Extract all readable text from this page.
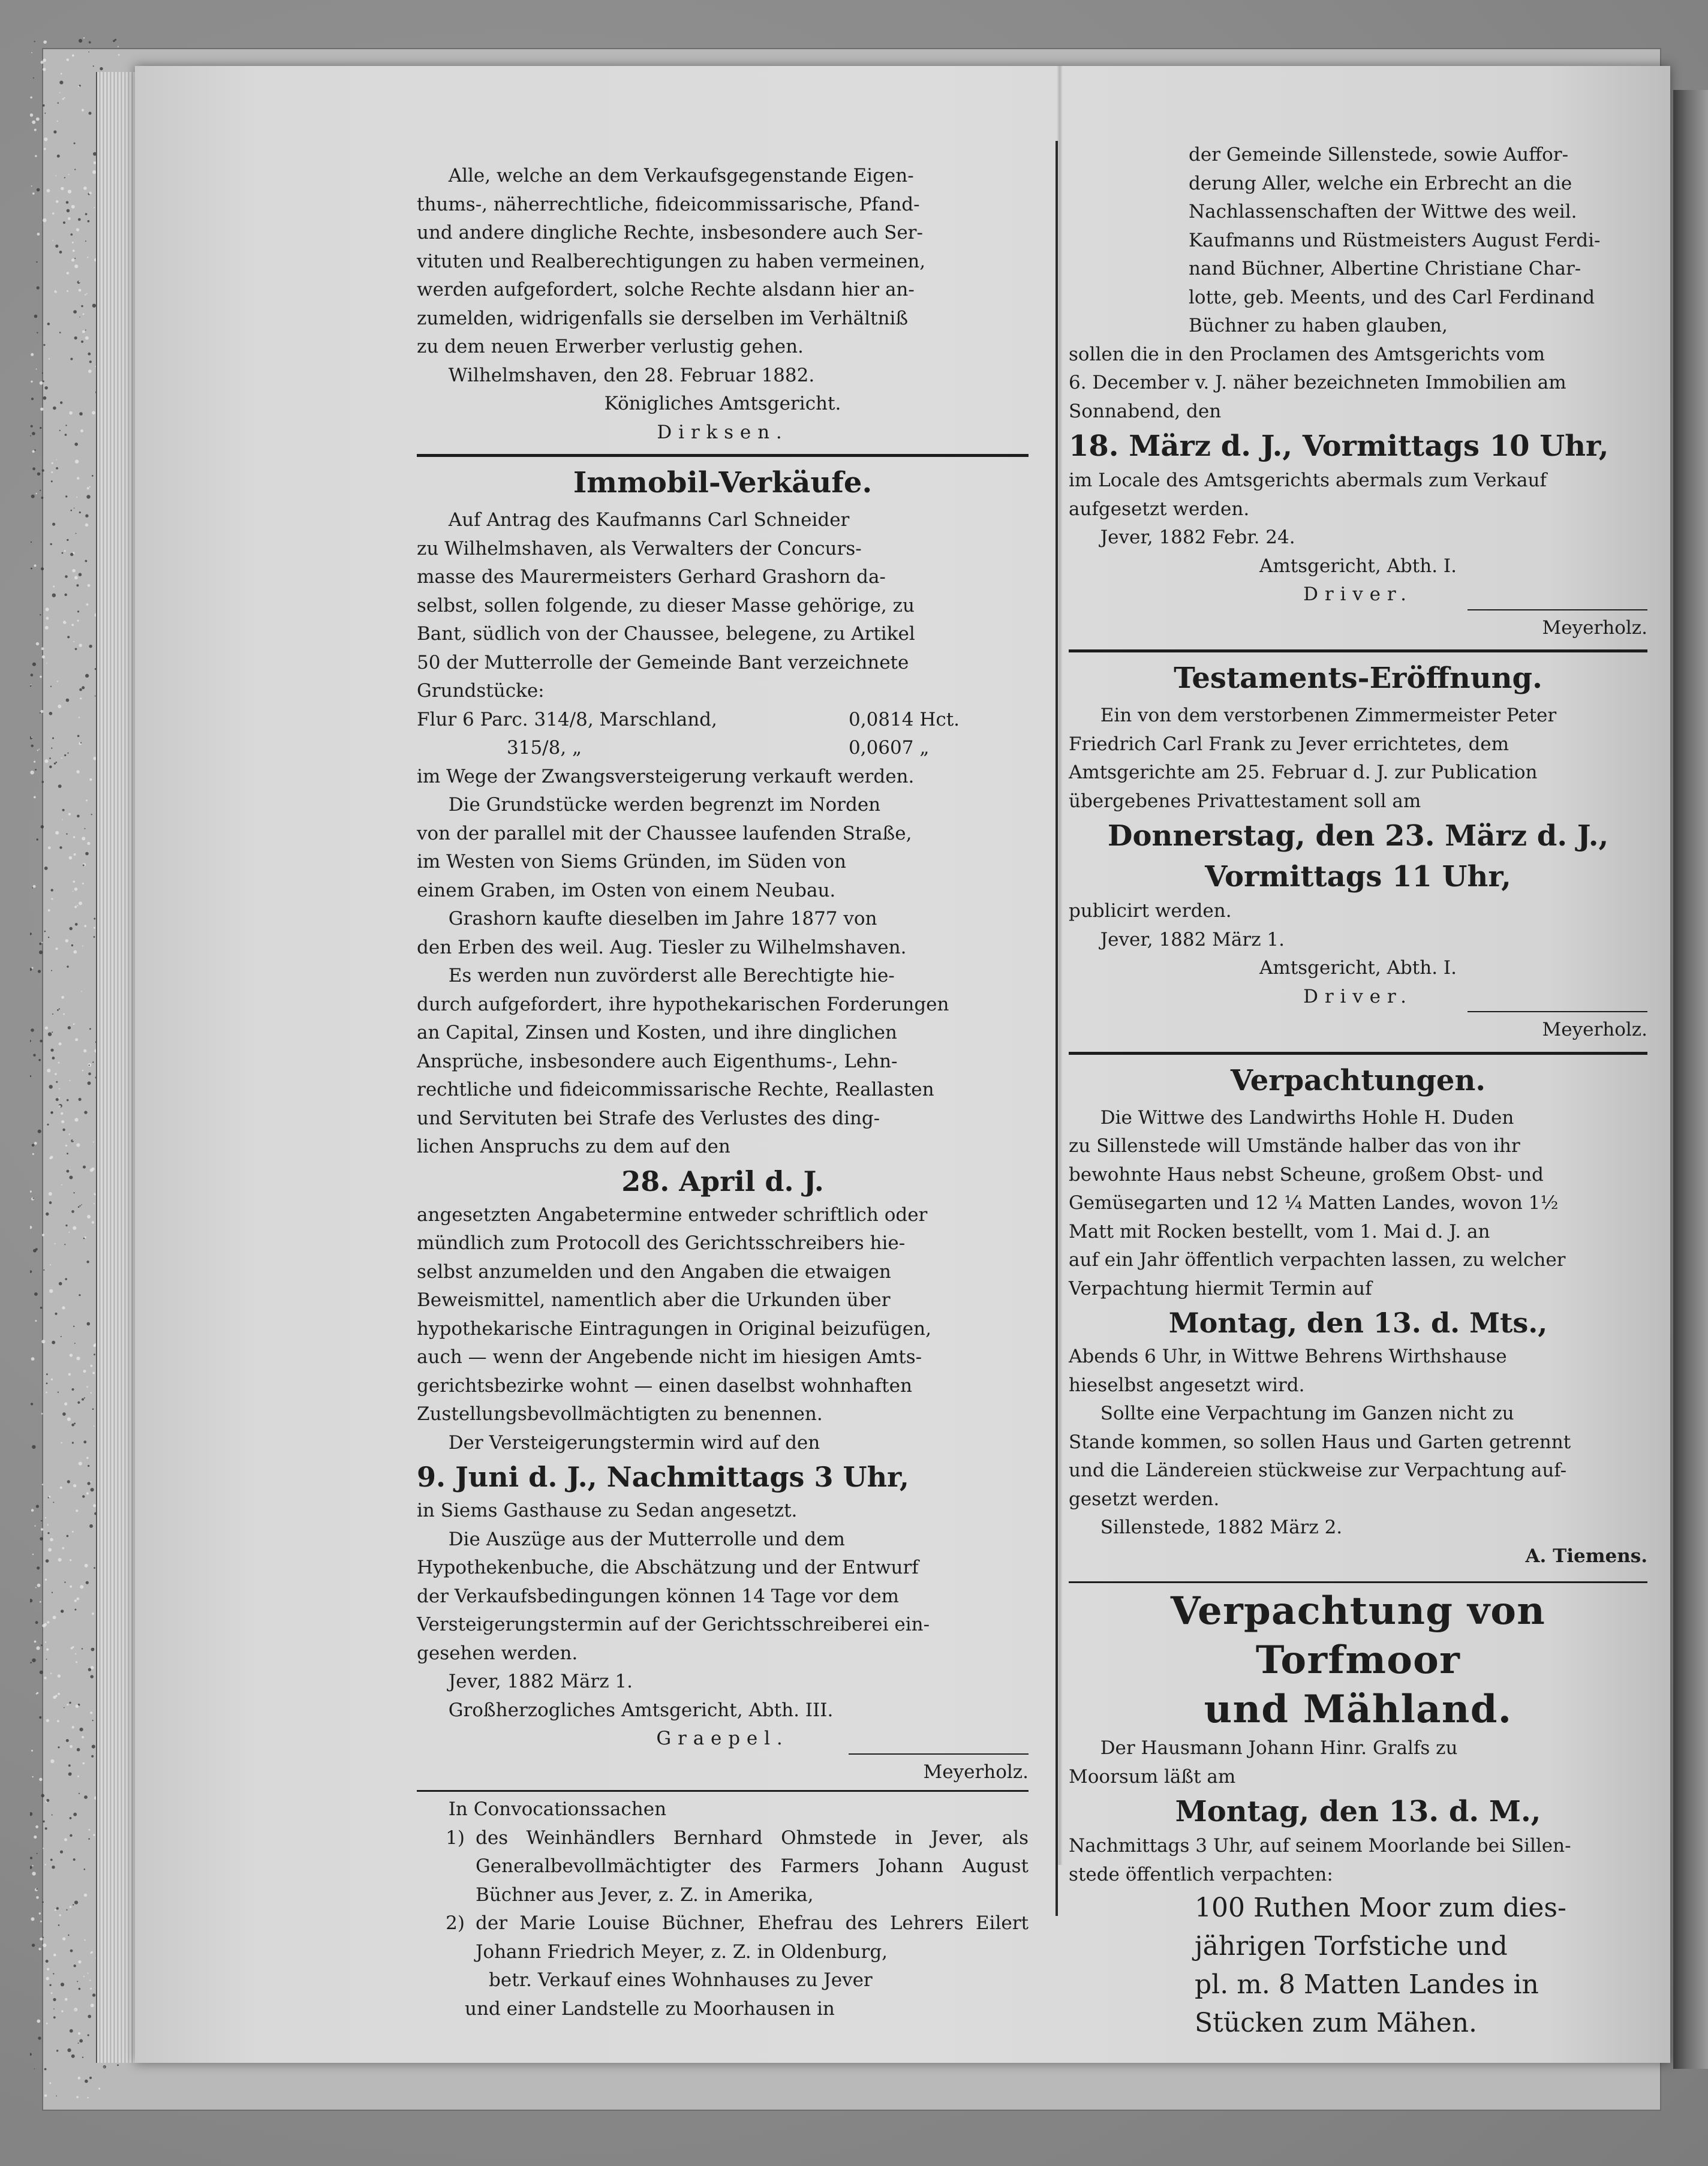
Alle, welche an dem Verkaufsgegenstande Eigen-

thums-, näherrechtliche, fideicommissarische, Pfand-

und andere dingliche Rechte, insbesondere auch Ser-

vituten und Realberechtigungen zu haben vermeinen,

werden aufgefordert, solche Rechte alsdann hier an-

zumelden, widrigenfalls sie derselben im Verhältniß

zu dem neuen Erwerber verlustig gehen.

Wilhelmshaven, den 28. Februar 1882.

Königliches Amtsgericht.

Dirksen.

Immobil-Verkäufe.

Auf Antrag des Kaufmanns Carl Schneider

zu Wilhelmshaven, als Verwalters der Concurs-

masse des Maurermeisters Gerhard Grashorn da-

selbst, sollen folgende, zu dieser Masse gehörige, zu

Bant, südlich von der Chaussee, belegene, zu Artikel

50 der Mutterrolle der Gemeinde Bant verzeichnete

Grundstücke:

Flur 6 Parc. 314/8, Marschland,	0,0814 Hct.
315/8, „	0,0607 „

im Wege der Zwangsversteigerung verkauft werden.

Die Grundstücke werden begrenzt im Norden

von der parallel mit der Chaussee laufenden Straße,

im Westen von Siems Gründen, im Süden von

einem Graben, im Osten von einem Neubau.

Grashorn kaufte dieselben im Jahre 1877 von

den Erben des weil. Aug. Tiesler zu Wilhelmshaven.

Es werden nun zuvörderst alle Berechtigte hie-

durch aufgefordert, ihre hypothekarischen Forderungen

an Capital, Zinsen und Kosten, und ihre dinglichen

Ansprüche, insbesondere auch Eigenthums-, Lehn-

rechtliche und fideicommissarische Rechte, Reallasten

und Servituten bei Strafe des Verlustes des ding-

lichen Anspruchs zu dem auf den

28. April d. J.

angesetzten Angabetermine entweder schriftlich oder

mündlich zum Protocoll des Gerichtsschreibers hie-

selbst anzumelden und den Angaben die etwaigen

Beweismittel, namentlich aber die Urkunden über

hypothekarische Eintragungen in Original beizufügen,

auch — wenn der Angebende nicht im hiesigen Amts-

gerichtsbezirke wohnt — einen daselbst wohnhaften

Zustellungsbevollmächtigten zu benennen.

Der Versteigerungstermin wird auf den

9. Juni d. J., Nachmittags 3 Uhr,

in Siems Gasthause zu Sedan angesetzt.

Die Auszüge aus der Mutterrolle und dem

Hypothekenbuche, die Abschätzung und der Entwurf

der Verkaufsbedingungen können 14 Tage vor dem

Versteigerungstermin auf der Gerichtsschreiberei ein-

gesehen werden.

Jever, 1882 März 1.

Großherzogliches Amtsgericht, Abth. III.

Graepel.

Meyerholz.

In Convocationssachen

1) des Weinhändlers Bernhard Ohmstede in Jever, als Generalbevollmächtigter des Farmers Johann August Büchner aus Jever, z. Z. in Amerika,
2) der Marie Louise Büchner, Ehefrau des Lehrers Eilert Johann Friedrich Meyer, z. Z. in Oldenburg,

betr. Verkauf eines Wohnhauses zu Jever

und einer Landstelle zu Moorhausen in

der Gemeinde Sillenstede, sowie Auffor-

derung Aller, welche ein Erbrecht an die

Nachlassenschaften der Wittwe des weil.

Kaufmanns und Rüstmeisters August Ferdi-

nand Büchner, Albertine Christiane Char-

lotte, geb. Meents, und des Carl Ferdinand

Büchner zu haben glauben,

sollen die in den Proclamen des Amtsgerichts vom

6. December v. J. näher bezeichneten Immobilien am

Sonnabend, den

18. März d. J., Vormittags 10 Uhr,

im Locale des Amtsgerichts abermals zum Verkauf

aufgesetzt werden.

Jever, 1882 Febr. 24.

Amtsgericht, Abth. I.

Driver.

Meyerholz.

Testaments-Eröffnung.

Ein von dem verstorbenen Zimmermeister Peter

Friedrich Carl Frank zu Jever errichtetes, dem

Amtsgerichte am 25. Februar d. J. zur Publication

übergebenes Privattestament soll am

Donnerstag, den 23. März d. J.,

Vormittags 11 Uhr,

publicirt werden.

Jever, 1882 März 1.

Amtsgericht, Abth. I.

Driver.

Meyerholz.

Verpachtungen.

Die Wittwe des Landwirths Hohle H. Duden

zu Sillenstede will Umstände halber das von ihr

bewohnte Haus nebst Scheune, großem Obst- und

Gemüsegarten und 12 ¼ Matten Landes, wovon 1½

Matt mit Rocken bestellt, vom 1. Mai d. J. an

auf ein Jahr öffentlich verpachten lassen, zu welcher

Verpachtung hiermit Termin auf

Montag, den 13. d. Mts.,

Abends 6 Uhr, in Wittwe Behrens Wirthshause

hieselbst angesetzt wird.

Sollte eine Verpachtung im Ganzen nicht zu

Stande kommen, so sollen Haus und Garten getrennt

und die Ländereien stückweise zur Verpachtung auf-

gesetzt werden.

Sillenstede, 1882 März 2.

A. Tiemens.

Verpachtung von Torfmoor
und Mähland.

Der Hausmann Johann Hinr. Gralfs zu

Moorsum läßt am

Montag, den 13. d. M.,

Nachmittags 3 Uhr, auf seinem Moorlande bei Sillen-

stede öffentlich verpachten:

100 Ruthen Moor zum dies-

jährigen Torfstiche und

pl. m. 8 Matten Landes in

Stücken zum Mähen.
